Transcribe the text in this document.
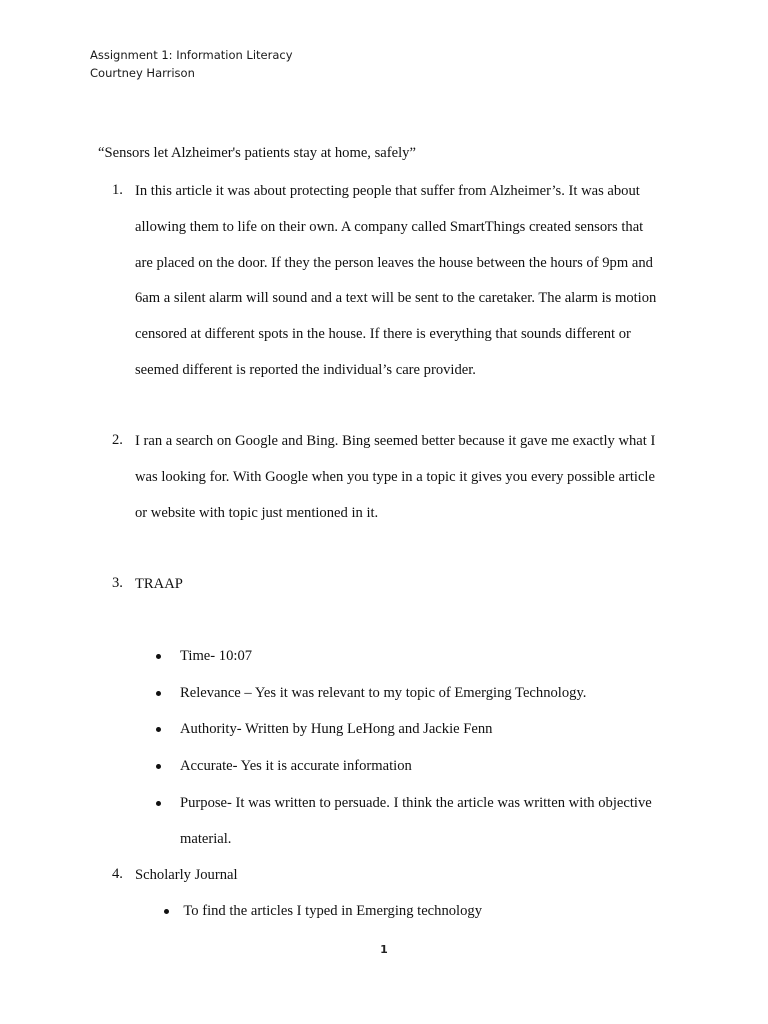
Assignment 1: Information Literacy
Courtney Harrison
“Sensors let Alzheimer's patients stay at home, safely”
1. In this article it was about protecting people that suffer from Alzheimer’s. It was about
allowing them to life on their own. A company called SmartThings created sensors that
are placed on the door. If they the person leaves the house between the hours of 9pm and
6am a silent alarm will sound and a text will be sent to the caretaker. The alarm is motion
censored at different spots in the house. If there is everything that sounds different or
seemed different is reported the individual’s care provider.
2. I ran a search on Google and Bing. Bing seemed better because it gave me exactly what I
was looking for. With Google when you type in a topic it gives you every possible article
or website with topic just mentioned in it.
3. TRAAP
Time- 10:07
Relevance – Yes it was relevant to my topic of Emerging Technology.
Authority- Written by Hung LeHong and Jackie Fenn
Accurate- Yes it is accurate information
Purpose- It was written to persuade. I think the article was written with objective
material.
4. Scholarly Journal
To find the articles I typed in Emerging technology
1
